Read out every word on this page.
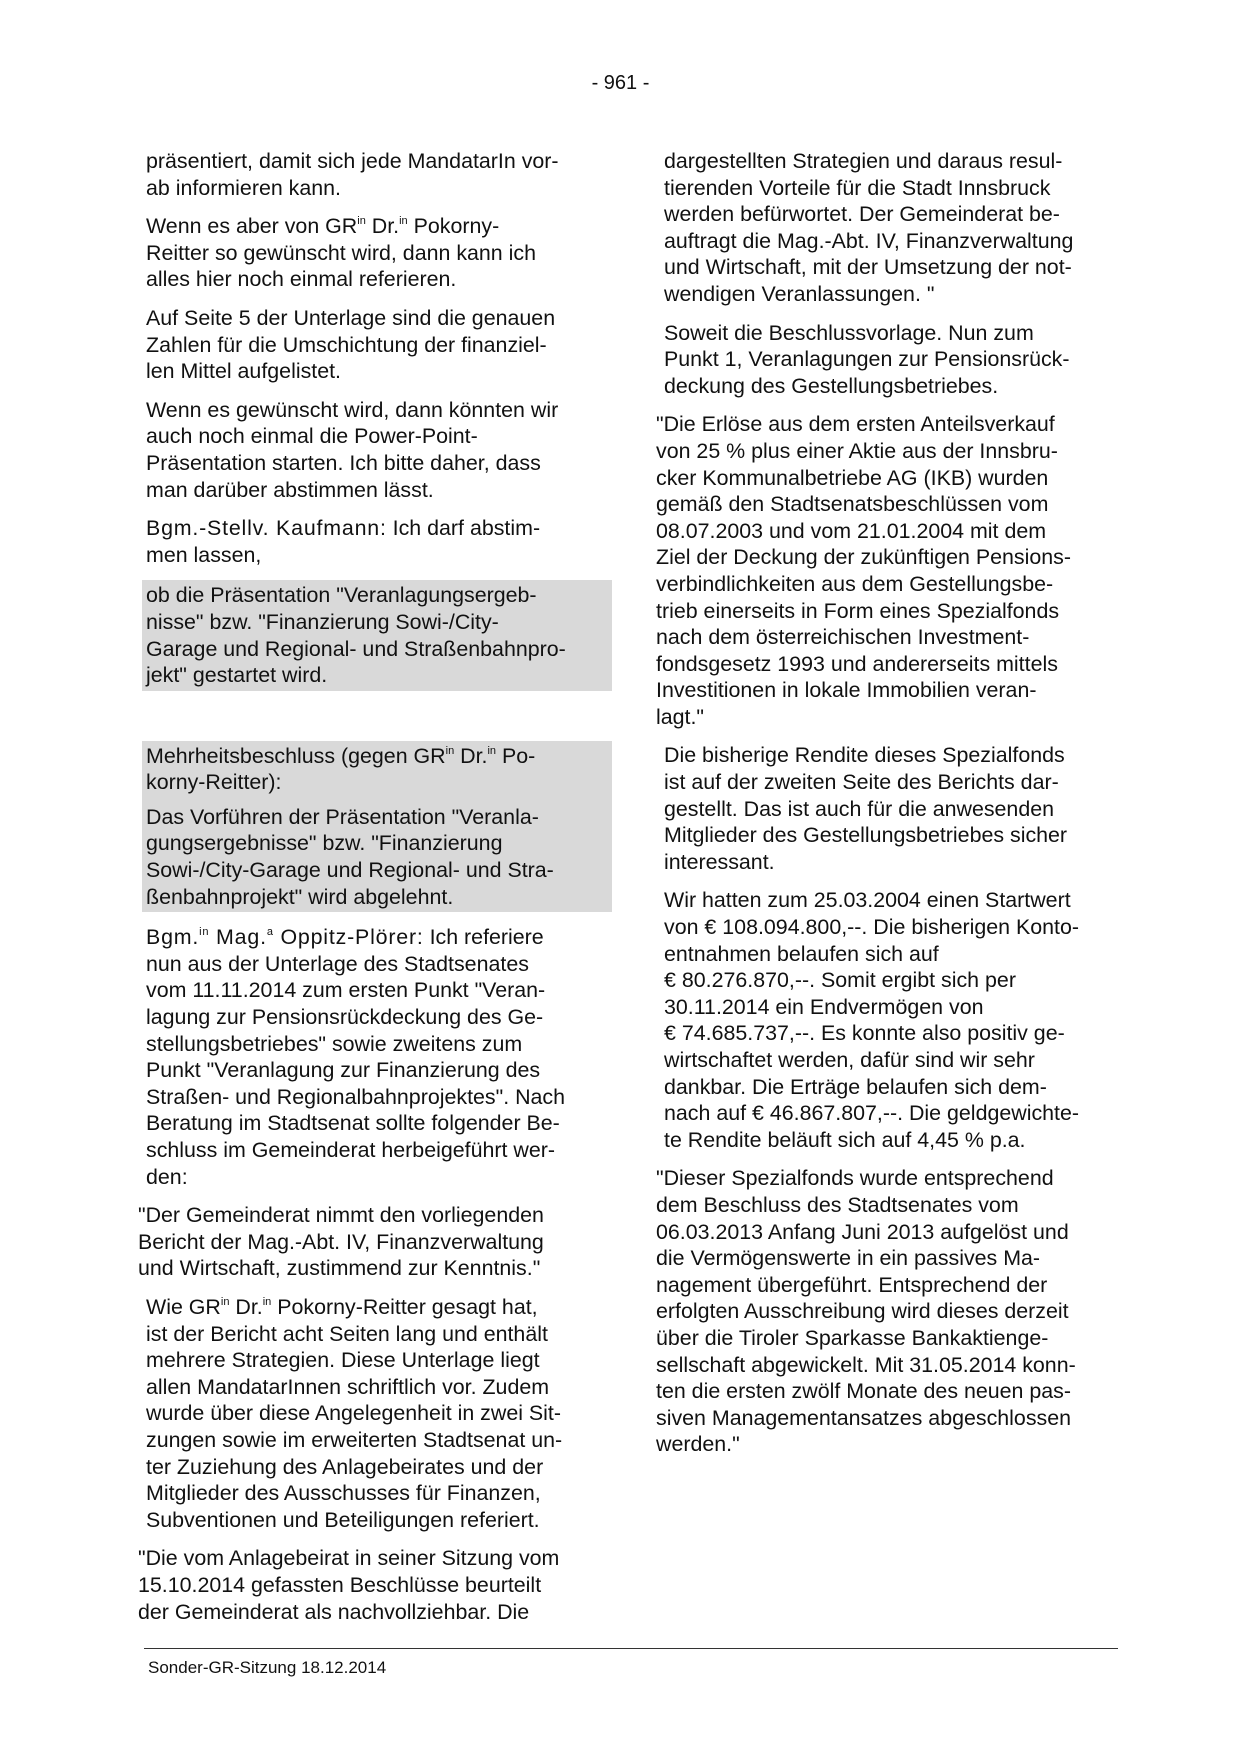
- 961 -
präsentiert, damit sich jede MandatarIn vor-
ab informieren kann.
Wenn es aber von $GR^{in}$ Dr.$^{in}$ Pokorny-
Reitter so gewünscht wird, dann kann ich
alles hier noch einmal referieren.
Auf Seite 5 der Unterlage sind die genauen
Zahlen für die Umschichtung der finanziel-
len Mittel aufgelistet.
Wenn es gewünscht wird, dann könnten wir
auch noch einmal die Power-Point-
Präsentation starten. Ich bitte daher, dass
man darüber abstimmen lässt.
Bgm.-Stellv. Kaufmann: Ich darf abstim-
men lassen,
ob die Präsentation "Veranlagungsergeb-
nisse" bzw. "Finanzierung Sowi-/City-
Garage und Regional- und Straßenbahnpro-
jekt" gestartet wird.
Mehrheitsbeschluss (gegen $GR^{in}$ Dr.$^{in}$ Po-
korny-Reitter):
Das Vorführen der Präsentation "Veranla-
gungsergebnisse" bzw. "Finanzierung
Sowi-/City-Garage und Regional- und Stra-
ßenbahnprojekt" wird abgelehnt.
Bgm.$^{in}$ Mag.$^a$ Oppitz-Plörer: Ich referiere
nun aus der Unterlage des Stadtsenates
vom 11.11.2014 zum ersten Punkt "Veran-
lagung zur Pensionsrückdeckung des Ge-
stellungsbetriebes" sowie zweitens zum
Punkt "Veranlagung zur Finanzierung des
Straßen- und Regionalbahnprojektes". Nach
Beratung im Stadtsenat sollte folgender Be-
schluss im Gemeinderat herbeigeführt wer-
den:
"Der Gemeinderat nimmt den vorliegenden
Bericht der Mag.-Abt. IV, Finanzverwaltung
und Wirtschaft, zustimmend zur Kenntnis."
Wie $GR^{in}$ Dr.$^{in}$ Pokorny-Reitter gesagt hat,
ist der Bericht acht Seiten lang und enthält
mehrere Strategien. Diese Unterlage liegt
allen MandatarInnen schriftlich vor. Zudem
wurde über diese Angelegenheit in zwei Sit-
zungen sowie im erweiterten Stadtsenat un-
ter Zuziehung des Anlagebeirates und der
Mitglieder des Ausschusses für Finanzen,
Subventionen und Beteiligungen referiert.
"Die vom Anlagebeirat in seiner Sitzung vom
15.10.2014 gefassten Beschlüsse beurteilt
der Gemeinderat als nachvollziehbar. Die
dargestellten Strategien und daraus resul-
tierenden Vorteile für die Stadt Innsbruck
werden befürwortet. Der Gemeinderat be-
auftragt die Mag.-Abt. IV, Finanzverwaltung
und Wirtschaft, mit der Umsetzung der not-
wendigen Veranlassungen. "
Soweit die Beschlussvorlage. Nun zum
Punkt 1, Veranlagungen zur Pensionsrück-
deckung des Gestellungsbetriebes.
"Die Erlöse aus dem ersten Anteilsverkauf
von 25 % plus einer Aktie aus der Innsbru-
cker Kommunalbetriebe AG (IKB) wurden
gemäß den Stadtsenatsbeschlüssen vom
08.07.2003 und vom 21.01.2004 mit dem
Ziel der Deckung der zukünftigen Pensions-
verbindlichkeiten aus dem Gestellungsbe-
trieb einerseits in Form eines Spezialfonds
nach dem österreichischen Investment-
fondsgesetz 1993 und andererseits mittels
Investitionen in lokale Immobilien veran-
lagt."
Die bisherige Rendite dieses Spezialfonds
ist auf der zweiten Seite des Berichts dar-
gestellt. Das ist auch für die anwesenden
Mitglieder des Gestellungsbetriebes sicher
interessant.
Wir hatten zum 25.03.2004 einen Startwert
von € 108.094.800,--. Die bisherigen Konto-
entnahmen belaufen sich auf
€ 80.276.870,--. Somit ergibt sich per
30.11.2014 ein Endvermögen von
€ 74.685.737,--. Es konnte also positiv ge-
wirtschaftet werden, dafür sind wir sehr
dankbar. Die Erträge belaufen sich dem-
nach auf € 46.867.807,--. Die geldgewichte-
te Rendite beläuft sich auf 4,45 % p.a.
"Dieser Spezialfonds wurde entsprechend
dem Beschluss des Stadtsenates vom
06.03.2013 Anfang Juni 2013 aufgelöst und
die Vermögenswerte in ein passives Ma-
nagement übergeführt. Entsprechend der
erfolgten Ausschreibung wird dieses derzeit
über die Tiroler Sparkasse Bankaktienge-
sellschaft abgewickelt. Mit 31.05.2014 konn-
ten die ersten zwölf Monate des neuen pas-
siven Managementansatzes abgeschlossen
werden."
Sonder-GR-Sitzung 18.12.2014
